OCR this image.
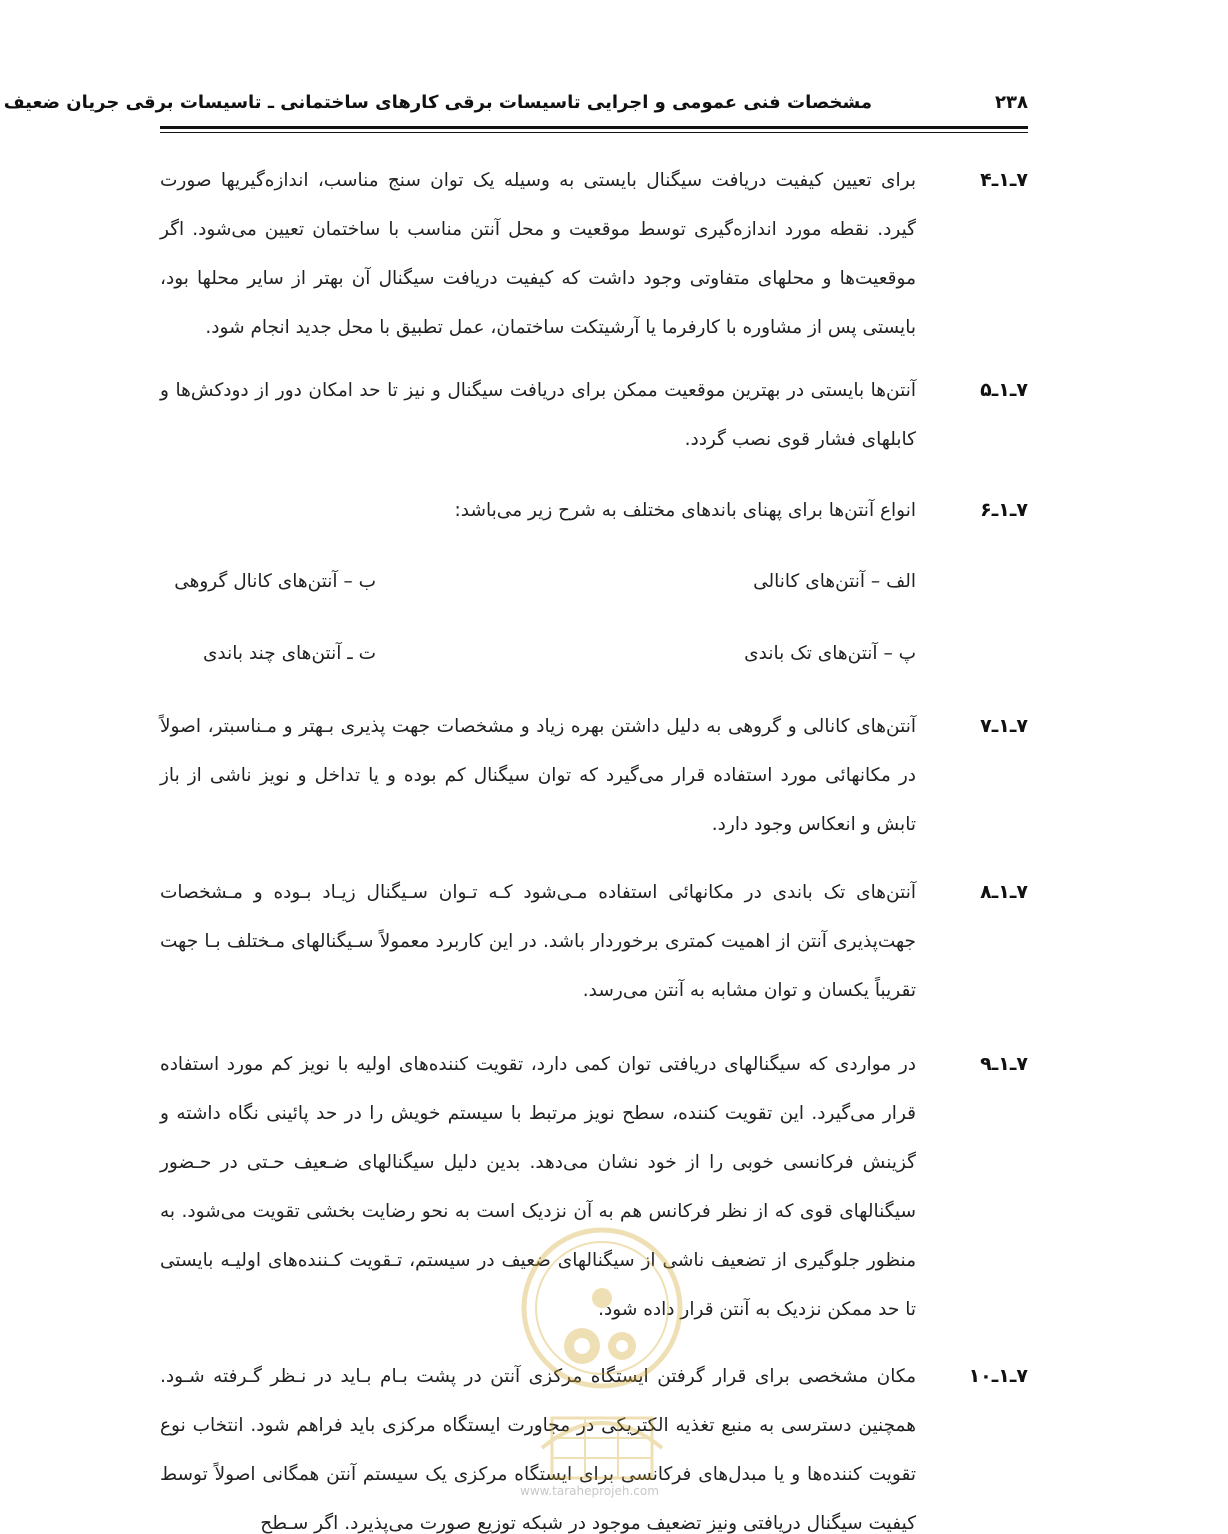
۲۳۸
مشخصات فنی عمومی و اجرایی تاسیسات برقی کارهای ساختمانی ـ تاسیسات برقی جریان ضعیف
۷ـ۱ـ۴
برای تعیین کیفیت دریافت سیگنال بایستی به وسیله یک توان سنج مناسب، اندازه‌گیریها صورت گیرد. نقطه مورد اندازه‌گیری توسط موقعیت و محل آنتن مناسب با ساختمان تعیین می‌شود. اگر موقعیت‌ها و محلهای متفاوتی وجود داشت که کیفیت دریافت سیگنال آن بهتر از سایر محلها بود، بایستی پس از مشاوره با کارفرما یا آرشیتکت ساختمان، عمل تطبیق با محل جدید انجام شود.
۷ـ۱ـ۵
آنتن‌ها بایستی در بهترین موقعیت ممکن برای دریافت سیگنال و نیز تا حد امکان دور از دودکش‌ها و کابلهای فشار قوی نصب گردد.
۷ـ۱ـ۶
انواع آنتن‌ها برای پهنای باندهای مختلف به شرح زیر می‌باشد:
الف – آنتن‌های کانالی
ب – آنتن‌های کانال گروهی
پ – آنتن‌های تک باندی
ت ـ آنتن‌های چند باندی
۷ـ۱ـ۷
آنتن‌های کانالی و گروهی به دلیل داشتن بهره زیاد و مشخصات جهت پذیری بـهتر و مـناسبتر، اصولاً در مکانهائی مورد استفاده قرار می‌گیرد که توان سیگنال کم بوده و یا تداخل و نویز ناشی از باز تابش و انعکاس وجود دارد.
۷ـ۱ـ۸
آنتن‌های تک باندی در مکانهائی استفاده مـی‌شود کـه تـوان سـیگنال زیـاد بـوده و مـشخصات جهت‌پذیری آنتن از اهمیت کمتری برخوردار باشد. در این کاربرد معمولاً سـیگنالهای مـختلف بـا جهت تقریباً یکسان و توان مشابه به آنتن می‌رسد.
۷ـ۱ـ۹
در مواردی که سیگنالهای دریافتی توان کمی دارد، تقویت کننده‌های اولیه با نویز کم مورد استفاده قرار می‌گیرد. این تقویت کننده، سطح نویز مرتبط با سیستم خویش را در حد پائینی نگاه داشته و گزینش فرکانسی خوبی را از خود نشان می‌دهد. بدین دلیل سیگنالهای ضـعیف حـتی در حـضور سیگنالهای قوی که از نظر فرکانس هم به آن نزدیک است به نحو رضایت بخشی تقویت می‌شود. به منظور جلوگیری از تضعیف ناشی از سیگنالهای ضعیف در سیستم، تـقویت کـننده‌های اولیـه بایستی تا حد ممکن نزدیک به آنتن قرار داده شود.
۷ـ۱ـ۱۰
مکان مشخصی برای قرار گرفتن ایستگاه مرکزی آنتن در پشت بـام بـاید در نـظر گـرفته شـود. همچنین دسترسی به منبع تغذیه الکتریکی در مجاورت ایستگاه مرکزی باید فراهم شود. انتخاب نوع تقویت کننده‌ها و یا مبدل‌های فرکانسی برای ایستگاه مرکزی یک سیستم آنتن همگانی اصولاً توسط کیفیت سیگنال دریافتی ونیز تضعیف موجود در شبکه توزیع صورت می‌پذیرد. اگر سـطح
www.taraheprojeh.com
